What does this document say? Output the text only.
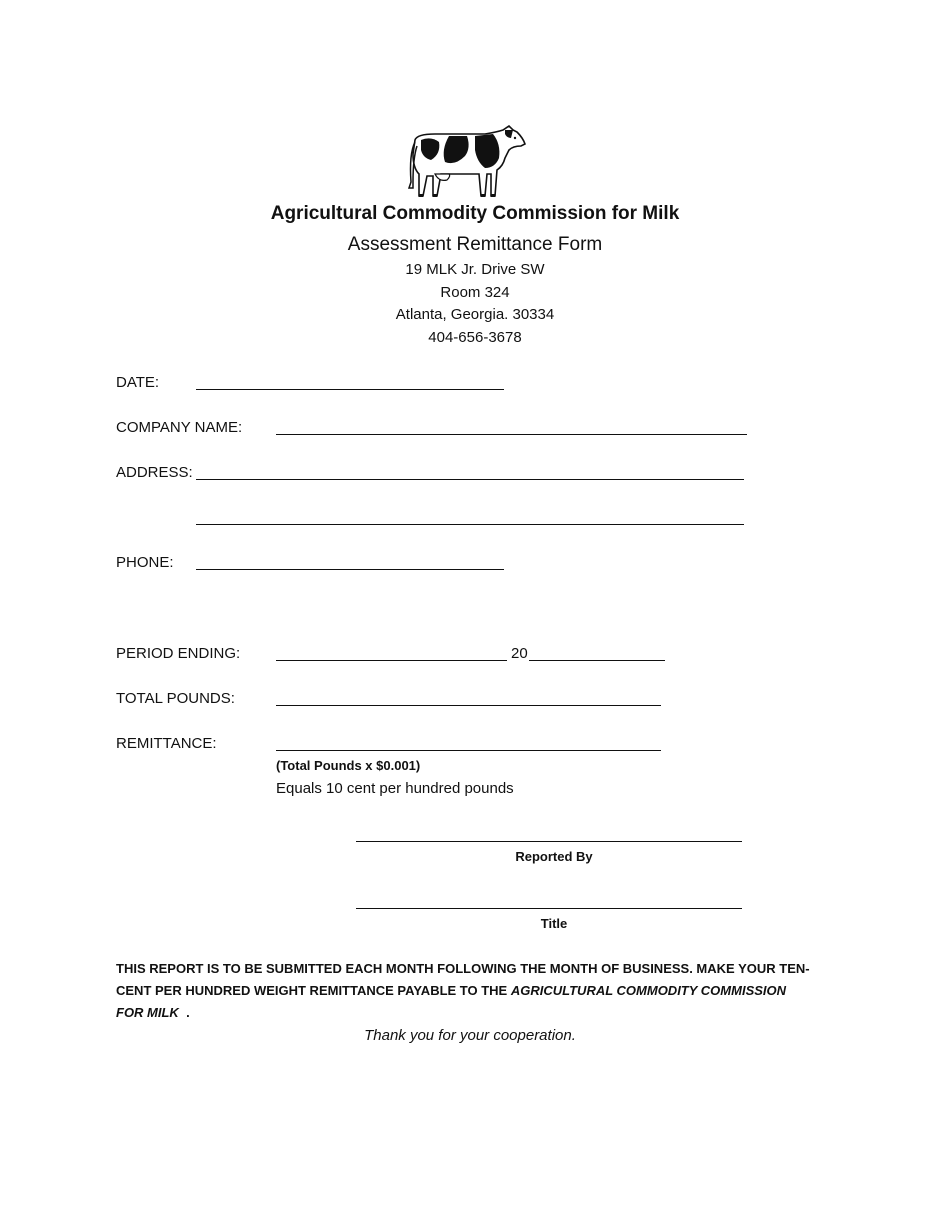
Agricultural Commodity Commission for Milk
Assessment Remittance Form
19 MLK Jr. Drive SW
Room 324
Atlanta, Georgia. 30334
404-656-3678
DATE:
COMPANY NAME:
ADDRESS:
PHONE:
PERIOD ENDING:	20
TOTAL POUNDS:
REMITTANCE:
(Total Pounds x $0.001)
Equals 10 cent per hundred pounds
Reported By
Title
THIS REPORT IS TO BE SUBMITTED EACH MONTH FOLLOWING THE MONTH OF BUSINESS. MAKE YOUR TEN-CENT PER HUNDRED WEIGHT REMITTANCE PAYABLE TO THE AGRICULTURAL COMMODITY COMMISSION FOR MILK .
Thank you for your cooperation.
